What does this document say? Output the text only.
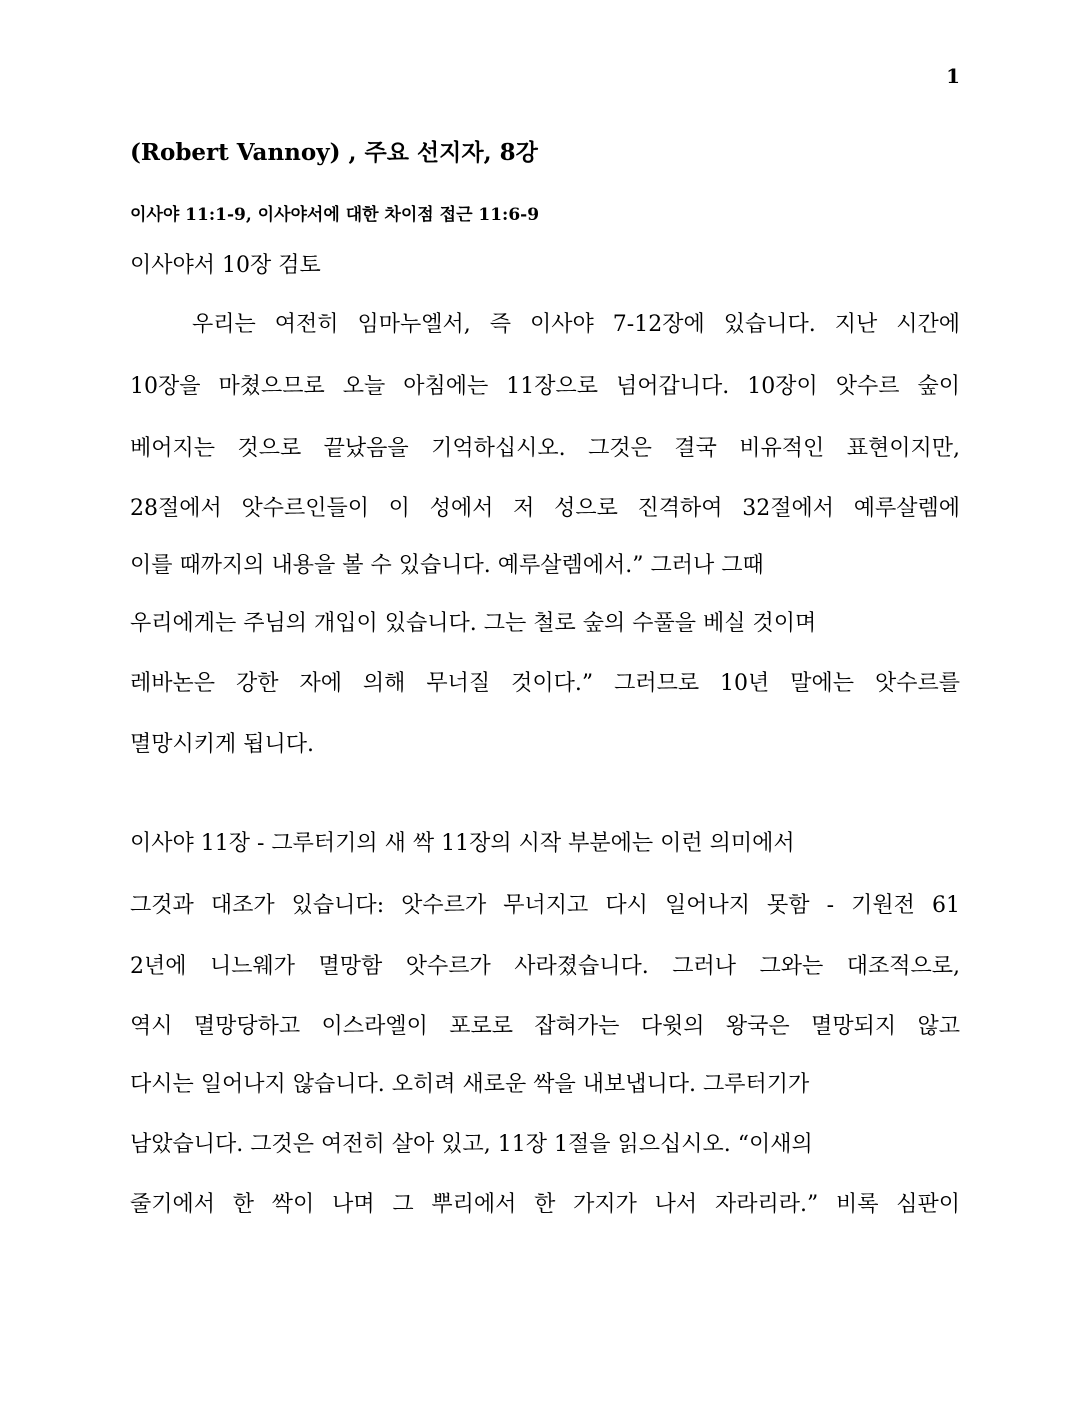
1
(Robert Vannoy) , 주요 선지자, 8강
이사야 11:1-9, 이사야서에 대한 차이점 접근 11:6-9
이사야서 10장 검토
우리는 여전히 임마누엘서, 즉 이사야 7-12장에 있습니다. 지난 시간에
10장을 마쳤으므로 오늘 아침에는 11장으로 넘어갑니다. 10장이 앗수르 숲이
베어지는 것으로 끝났음을 기억하십시오. 그것은 결국 비유적인 표현이지만,
28절에서 앗수르인들이 이 성에서 저 성으로 진격하여 32절에서 예루살렘에
이를 때까지의 내용을 볼 수 있습니다. 예루살렘에서.” 그러나 그때
우리에게는 주님의 개입이 있습니다. 그는 철로 숲의 수풀을 베실 것이며
레바논은 강한 자에 의해 무너질 것이다.” 그러므로 10년 말에는 앗수르를
멸망시키게 됩니다.
이사야 11장 - 그루터기의 새 싹 11장의 시작 부분에는 이런 의미에서
그것과 대조가 있습니다: 앗수르가 무너지고 다시 일어나지 못함 - 기원전 61
2년에 니느웨가 멸망함 앗수르가 사라졌습니다. 그러나 그와는 대조적으로,
역시 멸망당하고 이스라엘이 포로로 잡혀가는 다윗의 왕국은 멸망되지 않고
다시는 일어나지 않습니다. 오히려 새로운 싹을 내보냅니다. 그루터기가
남았습니다. 그것은 여전히 살아 있고, 11장 1절을 읽으십시오. “이새의
줄기에서 한 싹이 나며 그 뿌리에서 한 가지가 나서 자라리라.” 비록 심판이
